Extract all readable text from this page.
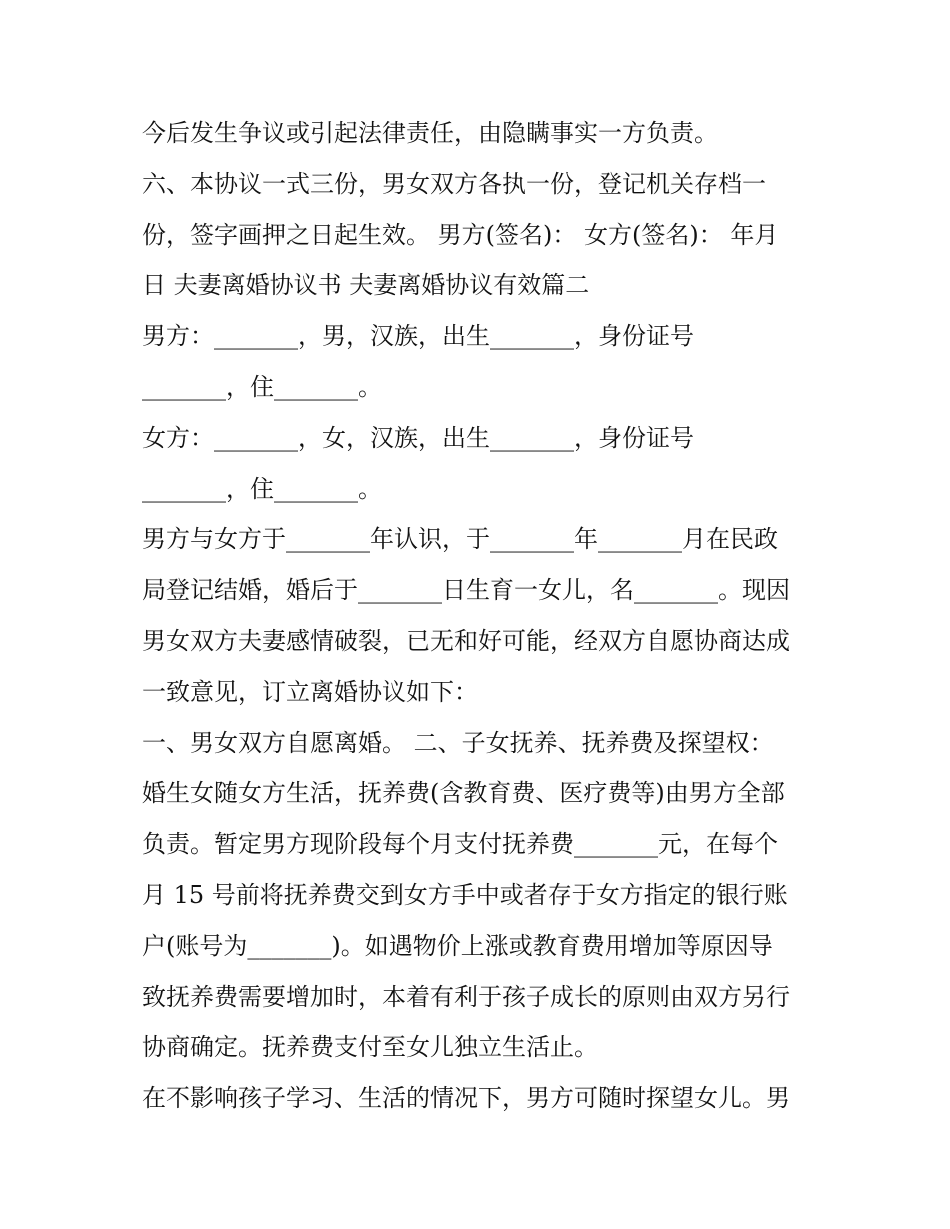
今后发生争议或引起法律责任，由隐瞒事实一方负责。
六、本协议一式三份，男女双方各执一份，登记机关存档一
份，签字画押之日起生效。 男方(签名)： 女方(签名)： 年月
日 夫妻离婚协议书 夫妻离婚协议有效篇二
男方：_______，男，汉族，出生_______，身份证号
_______，住_______。
女方：_______，女，汉族，出生_______，身份证号
_______，住_______。
男方与女方于_______年认识，于_______年_______月在民政
局登记结婚，婚后于_______日生育一女儿，名_______。现因
男女双方夫妻感情破裂，已无和好可能，经双方自愿协商达成
一致意见，订立离婚协议如下：
一、男女双方自愿离婚。 二、子女抚养、抚养费及探望权：
婚生女随女方生活，抚养费(含教育费、医疗费等)由男方全部
负责。暂定男方现阶段每个月支付抚养费_______元，在每个
月 15 号前将抚养费交到女方手中或者存于女方指定的银行账
户(账号为_______)。如遇物价上涨或教育费用增加等原因导
致抚养费需要增加时，本着有利于孩子成长的原则由双方另行
协商确定。抚养费支付至女儿独立生活止。
在不影响孩子学习、生活的情况下，男方可随时探望女儿。男
